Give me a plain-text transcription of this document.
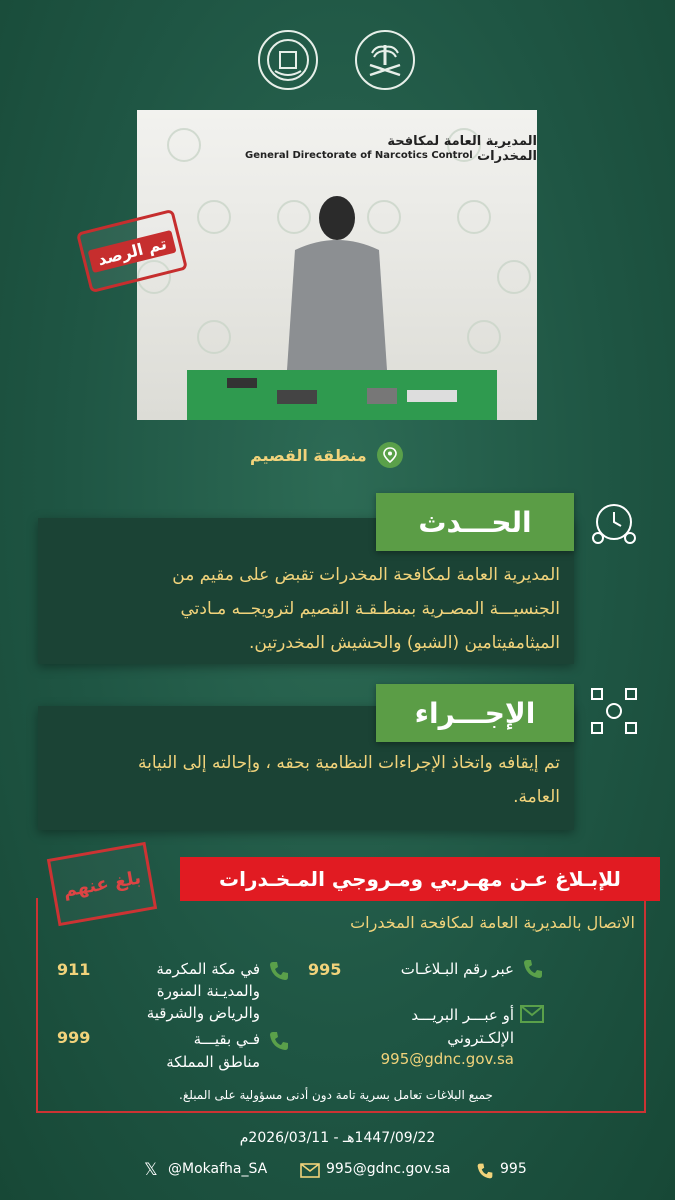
المديرية العامة لمكافحة المخدرات
General Directorate of Narcotics Control
تم الرصد
منطقة القصيم
المديرية العامة لمكافحة المخدرات تقبض على مقيم من
الجنسيـــة المصـرية بمنطـقـة القصيم لترويجــه مـادتي
الميثامفيتامين (الشبو) والحشيش المخدرتين.
الحـــدث
تم إيقافه واتخاذ الإجراءات النظامية بحقه ، وإحالته إلى النيابة
العامة.
الإجـــراء
للإبـلاغ عـن مهـربي ومـروجي المـخـدرات
بلغ عنهم
الاتصال بالمديرية العامة لمكافحة المخدرات
عبر رقم البـلاغـات
995
أو عبـــر البريـــد
الإلكـتروني
995@gdnc.gov.sa
في مكة المكرمة
والمديـنة المنورة
والرياض والشرقية
911
فـي بقيـــة
مناطق المملكة
999
جميع البلاغات تعامل بسرية تامة دون أدنى مسؤولية على المبلغ.
1447/09/22هـ - 2026/03/11م
𝕏 @Mokafha_SA	995@gdnc.gov.sa	995
